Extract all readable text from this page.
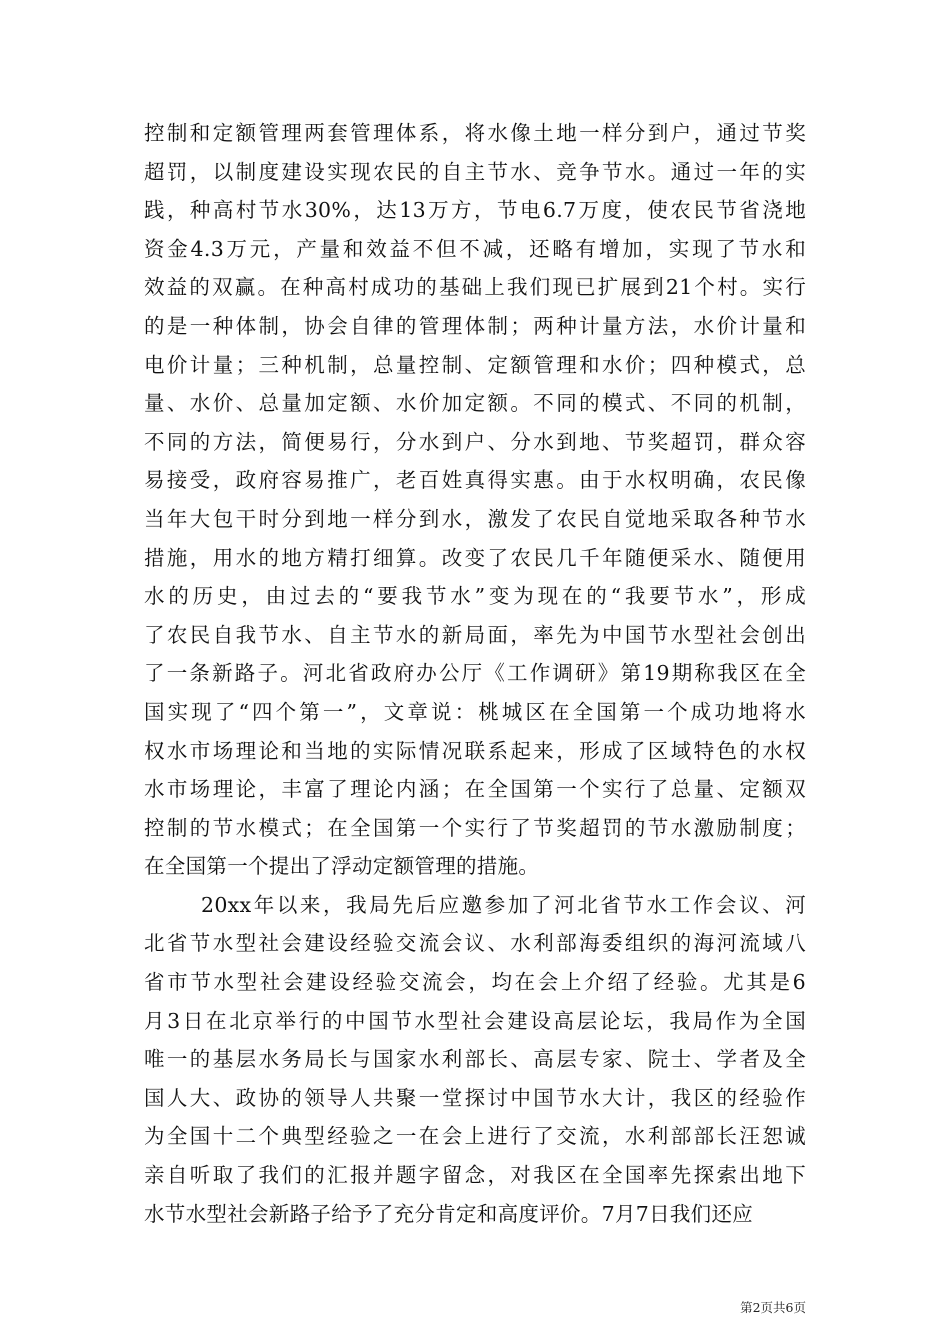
控制和定额管理两套管理体系，将水像土地一样分到户，通过节奖
超罚，以制度建设实现农民的自主节水、竞争节水。通过一年的实
践，种高村节水30%，达13万方，节电6.7万度，使农民节省浇地
资金4.3万元，产量和效益不但不减，还略有增加，实现了节水和
效益的双赢。在种高村成功的基础上我们现已扩展到21个村。实行
的是一种体制，协会自律的管理体制；两种计量方法，水价计量和
电价计量；三种机制，总量控制、定额管理和水价；四种模式，总
量、水价、总量加定额、水价加定额。不同的模式、不同的机制，
不同的方法，简便易行，分水到户、分水到地、节奖超罚，群众容
易接受，政府容易推广，老百姓真得实惠。由于水权明确，农民像
当年大包干时分到地一样分到水，激发了农民自觉地采取各种节水
措施，用水的地方精打细算。改变了农民几千年随便采水、随便用
水的历史，由过去的“要我节水”变为现在的“我要节水”，形成
了农民自我节水、自主节水的新局面，率先为中国节水型社会创出
了一条新路子。河北省政府办公厅《工作调研》第19期称我区在全
国实现了“四个第一”，文章说：桃城区在全国第一个成功地将水
权水市场理论和当地的实际情况联系起来，形成了区域特色的水权
水市场理论，丰富了理论内涵；在全国第一个实行了总量、定额双
控制的节水模式；在全国第一个实行了节奖超罚的节水激励制度；
在全国第一个提出了浮动定额管理的措施。
20xx年以来，我局先后应邀参加了河北省节水工作会议、河
北省节水型社会建设经验交流会议、水利部海委组织的海河流域八
省市节水型社会建设经验交流会，均在会上介绍了经验。尤其是6
月3日在北京举行的中国节水型社会建设高层论坛，我局作为全国
唯一的基层水务局长与国家水利部长、高层专家、院士、学者及全
国人大、政协的领导人共聚一堂探讨中国节水大计，我区的经验作
为全国十二个典型经验之一在会上进行了交流，水利部部长汪恕诚
亲自听取了我们的汇报并题字留念，对我区在全国率先探索出地下
水节水型社会新路子给予了充分肯定和高度评价。7月7日我们还应
第2页共6页
